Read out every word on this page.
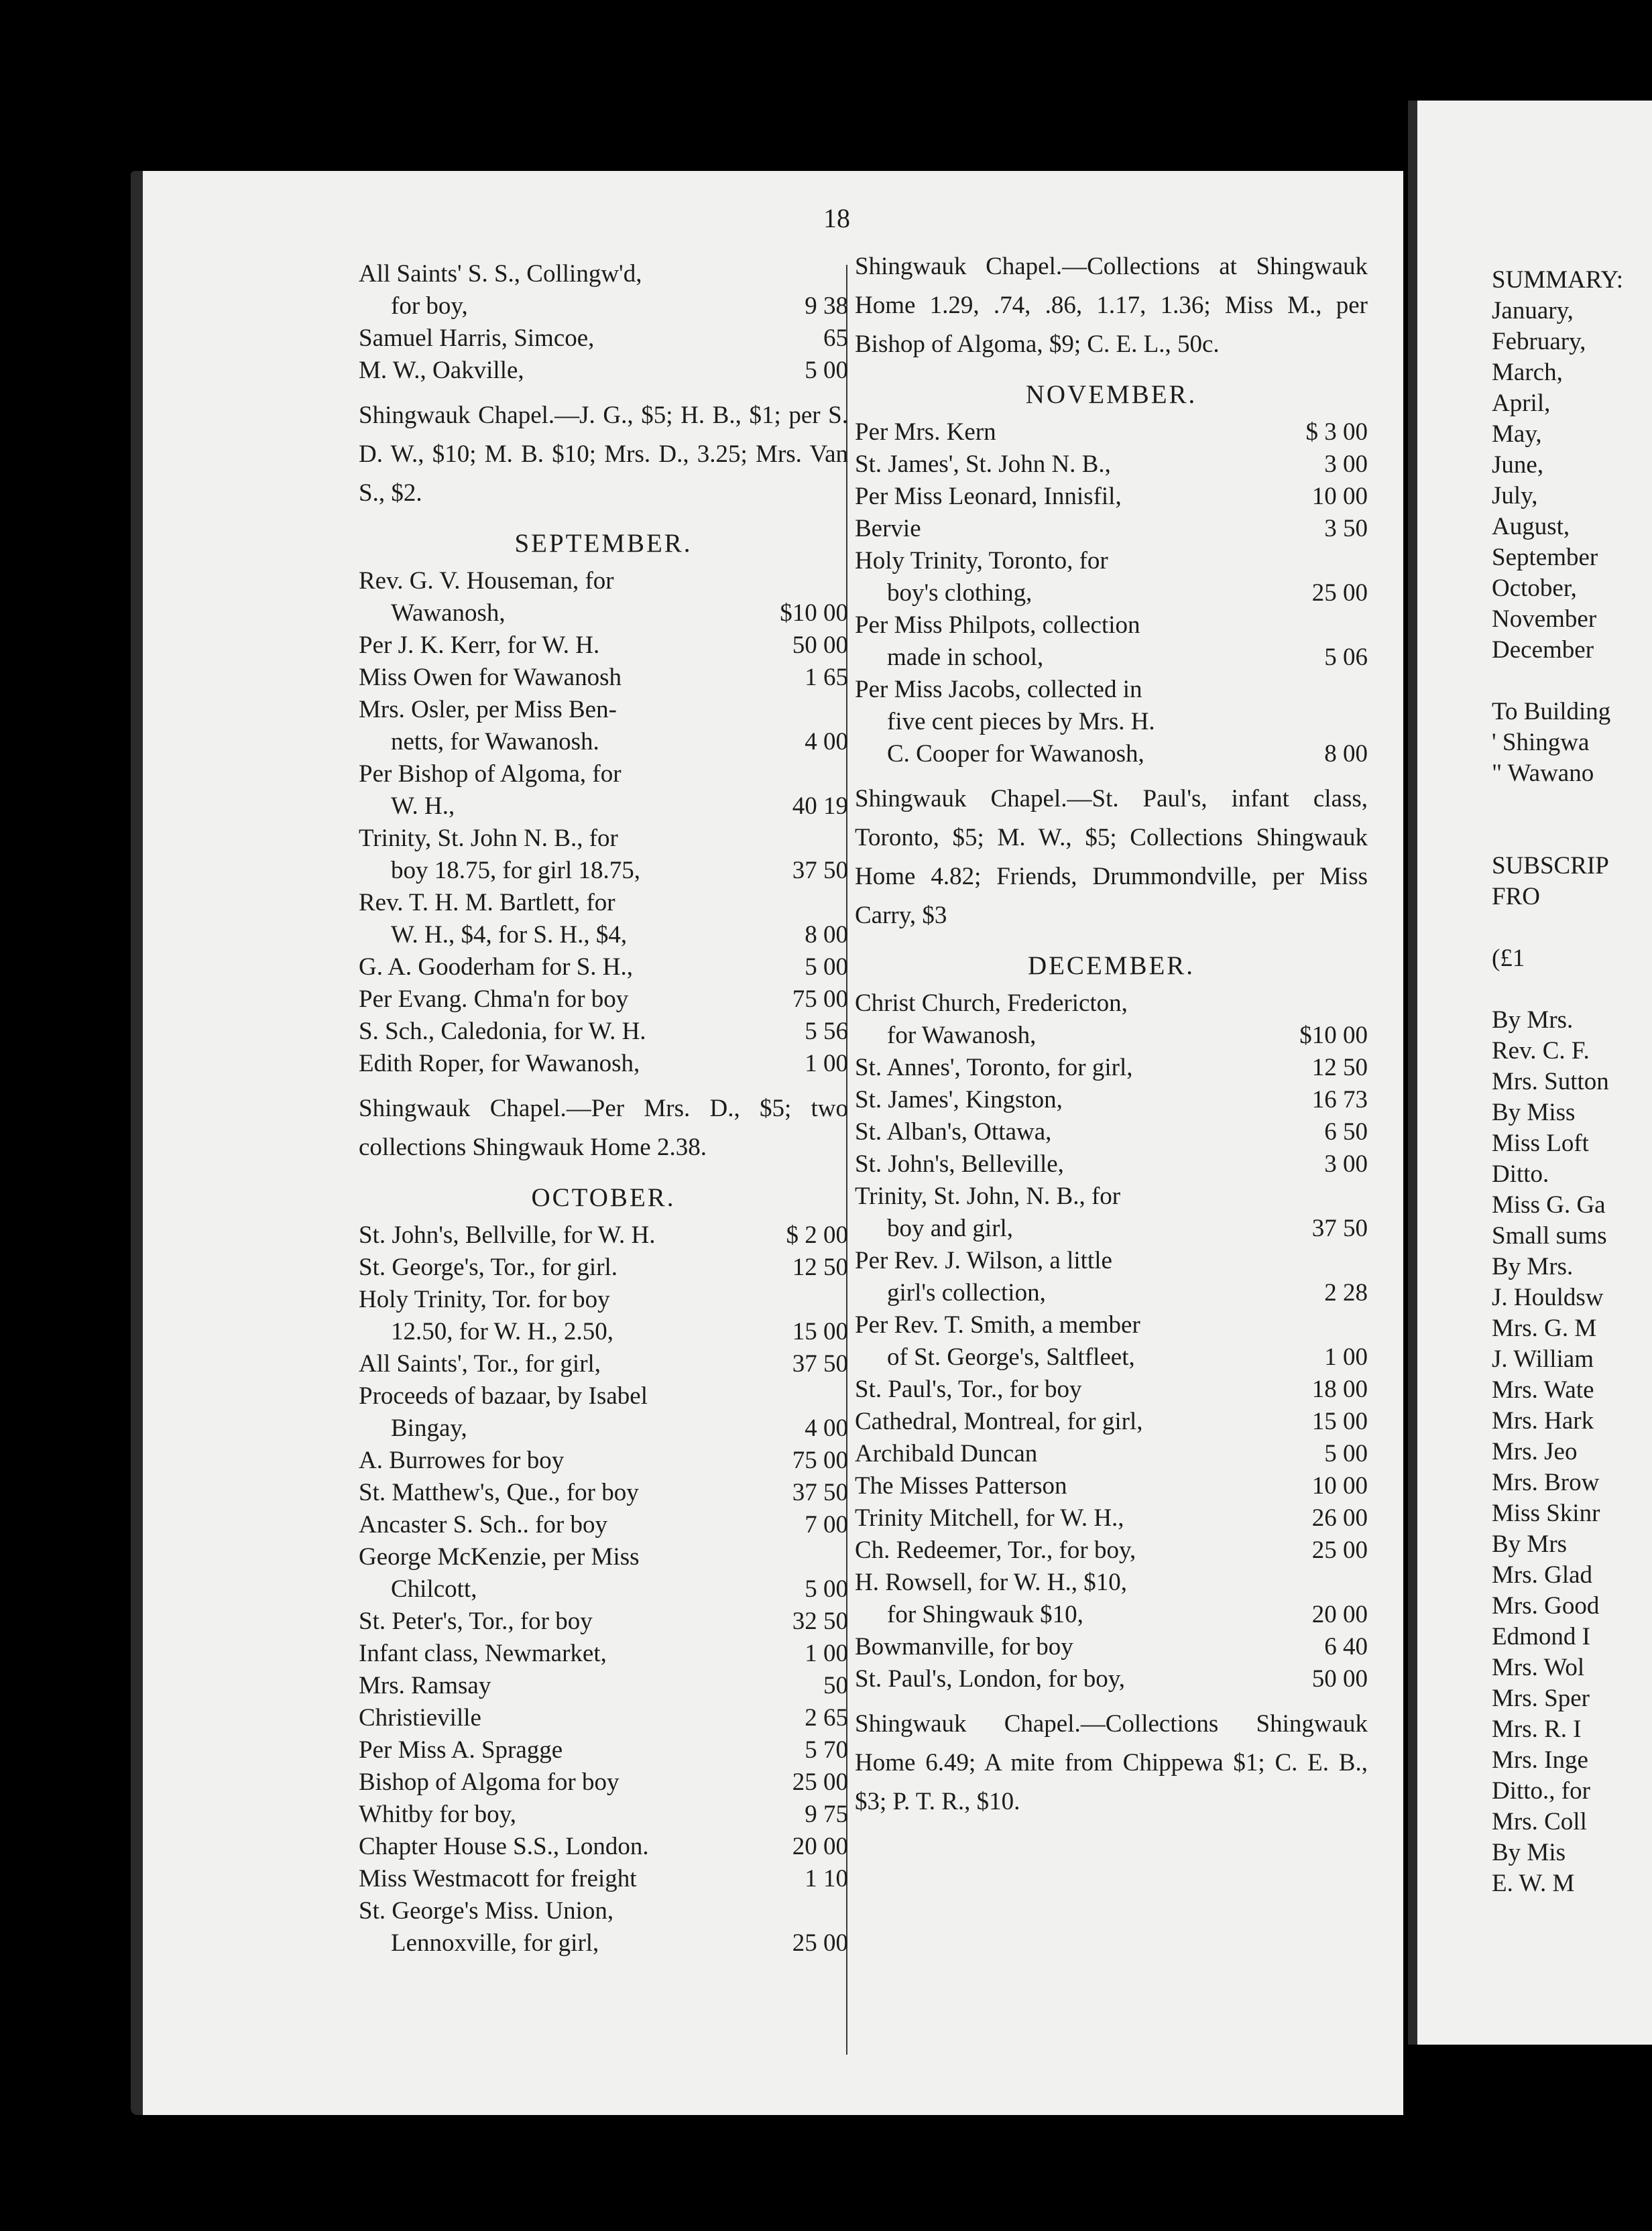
18
All Saints' S. S., Collingw'd,
for boy,	9 38
Samuel Harris, Simcoe,	65
M. W., Oakville,	5 00
Shingwauk Chapel.—J. G., $5; H. B., $1; per S. D. W., $10; M. B. $10; Mrs. D., 3.25; Mrs. Van S., $2.
SEPTEMBER.
Rev. G. V. Houseman, for
Wawanosh,	$10 00
Per J. K. Kerr, for W. H.	50 00
Miss Owen for Wawanosh	1 65
Mrs. Osler, per Miss Ben-
netts, for Wawanosh.	4 00
Per Bishop of Algoma, for
W. H.,	40 19
Trinity, St. John N. B., for
boy 18.75, for girl 18.75,	37 50
Rev. T. H. M. Bartlett, for
W. H., $4, for S. H., $4,	8 00
G. A. Gooderham for S. H.,	5 00
Per Evang. Chma'n for boy	75 00
S. Sch., Caledonia, for W. H.	5 56
Edith Roper, for Wawanosh,	1 00
Shingwauk Chapel.—Per Mrs. D., $5; two collections Shingwauk Home 2.38.
OCTOBER.
St. John's, Bellville, for W. H.	$ 2 00
St. George's, Tor., for girl.	12 50
Holy Trinity, Tor. for boy
12.50, for W. H., 2.50,	15 00
All Saints', Tor., for girl,	37 50
Proceeds of bazaar, by Isabel
Bingay,	4 00
A. Burrowes for boy	75 00
St. Matthew's, Que., for boy	37 50
Ancaster S. Sch.. for boy	7 00
George McKenzie, per Miss
Chilcott,	5 00
St. Peter's, Tor., for boy	32 50
Infant class, Newmarket,	1 00
Mrs. Ramsay	50
Christieville	2 65
Per Miss A. Spragge	5 70
Bishop of Algoma for boy	25 00
Whitby for boy,	9 75
Chapter House S.S., London.	20 00
Miss Westmacott for freight	1 10
St. George's Miss. Union,
Lennoxville, for girl,	25 00
Shingwauk Chapel.—Collections at Shingwauk Home 1.29, .74, .86, 1.17, 1.36; Miss M., per Bishop of Algoma, $9; C. E. L., 50c.
NOVEMBER.
Per Mrs. Kern	$ 3 00
St. James', St. John N. B.,	3 00
Per Miss Leonard, Innisfil,	10 00
Bervie	3 50
Holy Trinity, Toronto, for
boy's clothing,	25 00
Per Miss Philpots, collection
made in school,	5 06
Per Miss Jacobs, collected in
five cent pieces by Mrs. H.
C. Cooper for Wawanosh,	8 00
Shingwauk Chapel.—St. Paul's, infant class, Toronto, $5; M. W., $5; Collections Shingwauk Home 4.82; Friends, Drummondville, per Miss Carry, $3
DECEMBER.
Christ Church, Fredericton,
for Wawanosh,	$10 00
St. Annes', Toronto, for girl,	12 50
St. James', Kingston,	16 73
St. Alban's, Ottawa,	6 50
St. John's, Belleville,	3 00
Trinity, St. John, N. B., for
boy and girl,	37 50
Per Rev. J. Wilson, a little
girl's collection,	2 28
Per Rev. T. Smith, a member
of St. George's, Saltfleet,	1 00
St. Paul's, Tor., for boy	18 00
Cathedral, Montreal, for girl,	15 00
Archibald Duncan	5 00
The Misses Patterson	10 00
Trinity Mitchell, for W. H.,	26 00
Ch. Redeemer, Tor., for boy,	25 00
H. Rowsell, for W. H., $10,
for Shingwauk $10,	20 00
Bowmanville, for boy	6 40
St. Paul's, London, for boy,	50 00
Shingwauk Chapel.—Collections Shingwauk Home 6.49; A mite from Chippewa $1; C. E. B., $3; P. T. R., $10.
SUMMARY:
January,
February,
March,
April,
May,
June,
July,
August,
September
October,
November
December

To Building
' Shingwa
" Wawano

SUBSCRIP
FRO

(£1

By Mrs.
Rev. C. F.
Mrs. Sutton
By Miss
Miss Loft
Ditto.
Miss G. Ga
Small sums
By Mrs.
J. Houldsw
Mrs. G. M
J. William
Mrs. Wate
Mrs. Hark
Mrs. Jeo
Mrs. Brow
Miss Skinr
By Mrs
Mrs. Glad
Mrs. Good
Edmond I
Mrs. Wol
Mrs. Sper
Mrs. R. I
Mrs. Inge
Ditto., for
Mrs. Coll
By Mis
E. W. M
